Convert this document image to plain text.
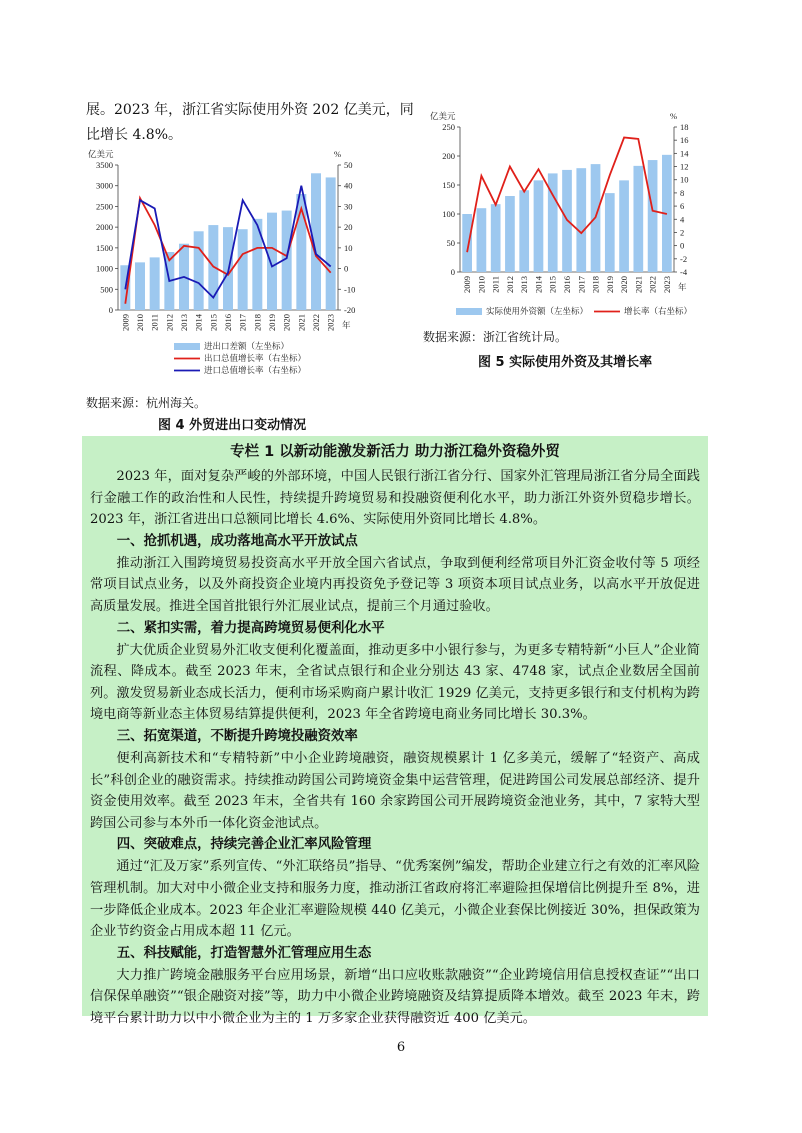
展。2023 年，浙江省实际使用外资 202 亿美元，同比增长 4.8%。
亿美元	%
年
0
500
1000
1500
2000
2500
3000
3500
-20
-10
0
10
20
30
40
50
2009 2010 2011 2012 2013 2014 2015 2016 2017 2018 2019 2020 2021 2022 2023
进出口差额（左坐标）
出口总值增长率（右坐标）
进口总值增长率（右坐标）
数据来源：杭州海关。
图 4 外贸进出口变动情况
亿美元	%
年
0
50
100
150
200
250
-4
-2
0
2
4
6
8
10
12
14
16
18
2009 2010 2011 2012 2013 2014 2015 2016 2017 2018 2019 2020 2021 2022 2023
实际使用外资额（左坐标）	增长率（右坐标）
数据来源：浙江省统计局。
图 5 实际使用外资及其增长率
专栏 1 以新动能激发新活力 助力浙江稳外资稳外贸

2023 年，面对复杂严峻的外部环境，中国人民银行浙江省分行、国家外汇管理局浙江省分局全面践行金融工作的政治性和人民性，持续提升跨境贸易和投融资便利化水平，助力浙江外资外贸稳步增长。2023 年，浙江省进出口总额同比增长 4.6%、实际使用外资同比增长 4.8%。

一、抢抓机遇，成功落地高水平开放试点

推动浙江入围跨境贸易投资高水平开放全国六省试点，争取到便利经常项目外汇资金收付等 5 项经常项目试点业务，以及外商投资企业境内再投资免予登记等 3 项资本项目试点业务，以高水平开放促进高质量发展。推进全国首批银行外汇展业试点，提前三个月通过验收。

二、紧扣实需，着力提高跨境贸易便利化水平

扩大优质企业贸易外汇收支便利化覆盖面，推动更多中小银行参与，为更多专精特新“小巨人”企业简流程、降成本。截至 2023 年末，全省试点银行和企业分别达 43 家、4748 家，试点企业数居全国前列。激发贸易新业态成长活力，便利市场采购商户累计收汇 1929 亿美元，支持更多银行和支付机构为跨境电商等新业态主体贸易结算提供便利，2023 年全省跨境电商业务同比增长 30.3%。

三、拓宽渠道，不断提升跨境投融资效率

便利高新技术和“专精特新”中小企业跨境融资，融资规模累计 1 亿多美元，缓解了“轻资产、高成长”科创企业的融资需求。持续推动跨国公司跨境资金集中运营管理，促进跨国公司发展总部经济、提升资金使用效率。截至 2023 年末，全省共有 160 余家跨国公司开展跨境资金池业务，其中，7 家特大型跨国公司参与本外币一体化资金池试点。

四、突破难点，持续完善企业汇率风险管理

通过“汇及万家”系列宣传、“外汇联络员”指导、“优秀案例”编发，帮助企业建立行之有效的汇率风险管理机制。加大对中小微企业支持和服务力度，推动浙江省政府将汇率避险担保增信比例提升至 8%，进一步降低企业成本。2023 年企业汇率避险规模 440 亿美元，小微企业套保比例接近 30%，担保政策为企业节约资金占用成本超 11 亿元。

五、科技赋能，打造智慧外汇管理应用生态

大力推广跨境金融服务平台应用场景，新增“出口应收账款融资”“企业跨境信用信息授权查证”“出口信保保单融资”“银企融资对接”等，助力中小微企业跨境融资及结算提质降本增效。截至 2023 年末，跨境平台累计助力以中小微企业为主的 1 万多家企业获得融资近 400 亿美元。

6
